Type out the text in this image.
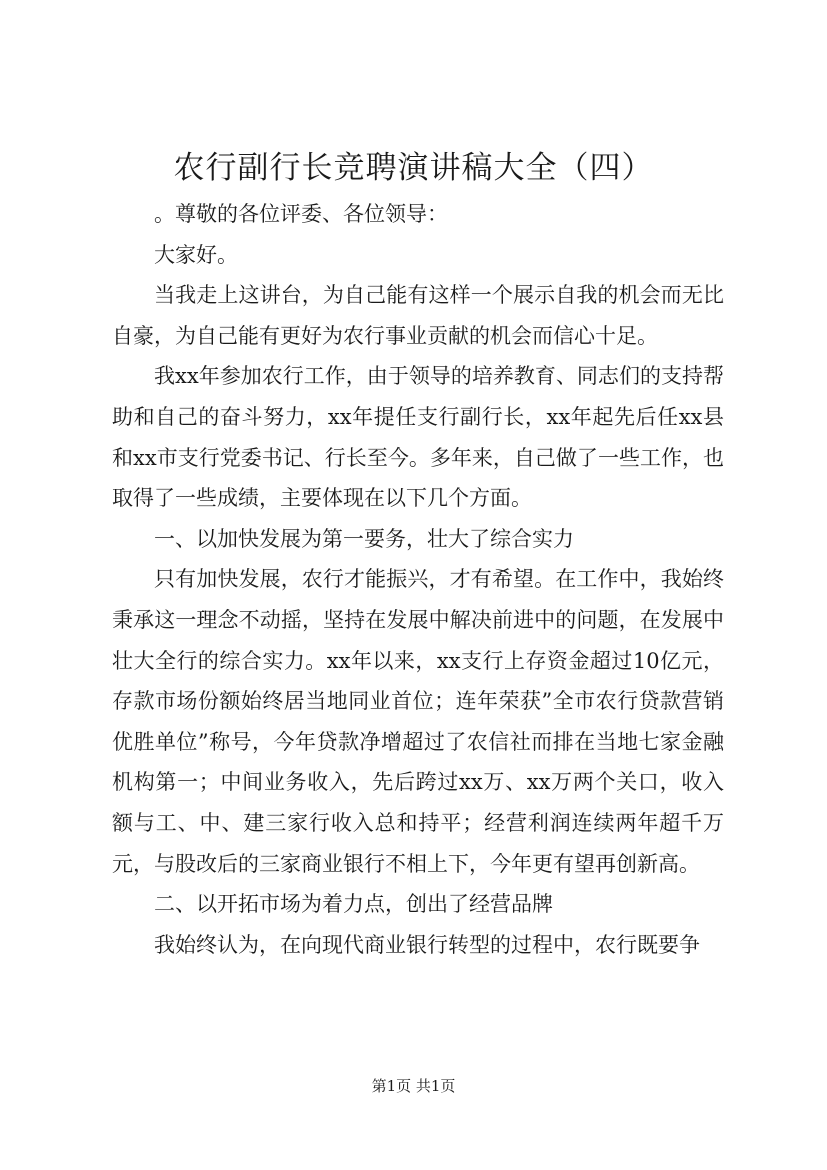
农行副行长竞聘演讲稿大全（四）

。尊敬的各位评委、各位领导：

大家好。

当我走上这讲台，为自己能有这样一个展示自我的机会而无比自豪，为自己能有更好为农行事业贡献的机会而信心十足。

我xx年参加农行工作，由于领导的培养教育、同志们的支持帮助和自己的奋斗努力，xx年提任支行副行长，xx年起先后任xx县和xx市支行党委书记、行长至今。多年来，自己做了一些工作，也取得了一些成绩，主要体现在以下几个方面。

一、以加快发展为第一要务，壮大了综合实力

只有加快发展，农行才能振兴，才有希望。在工作中，我始终秉承这一理念不动摇，坚持在发展中解决前进中的问题，在发展中壮大全行的综合实力。xx年以来，xx支行上存资金超过10亿元，存款市场份额始终居当地同业首位；连年荣获”全市农行贷款营销优胜单位”称号，今年贷款净增超过了农信社而排在当地七家金融机构第一；中间业务收入，先后跨过xx万、xx万两个关口，收入额与工、中、建三家行收入总和持平；经营利润连续两年超千万元，与股改后的三家商业银行不相上下，今年更有望再创新高。

二、以开拓市场为着力点，创出了经营品牌

我始终认为，在向现代商业银行转型的过程中，农行既要争

第1页 共1页
